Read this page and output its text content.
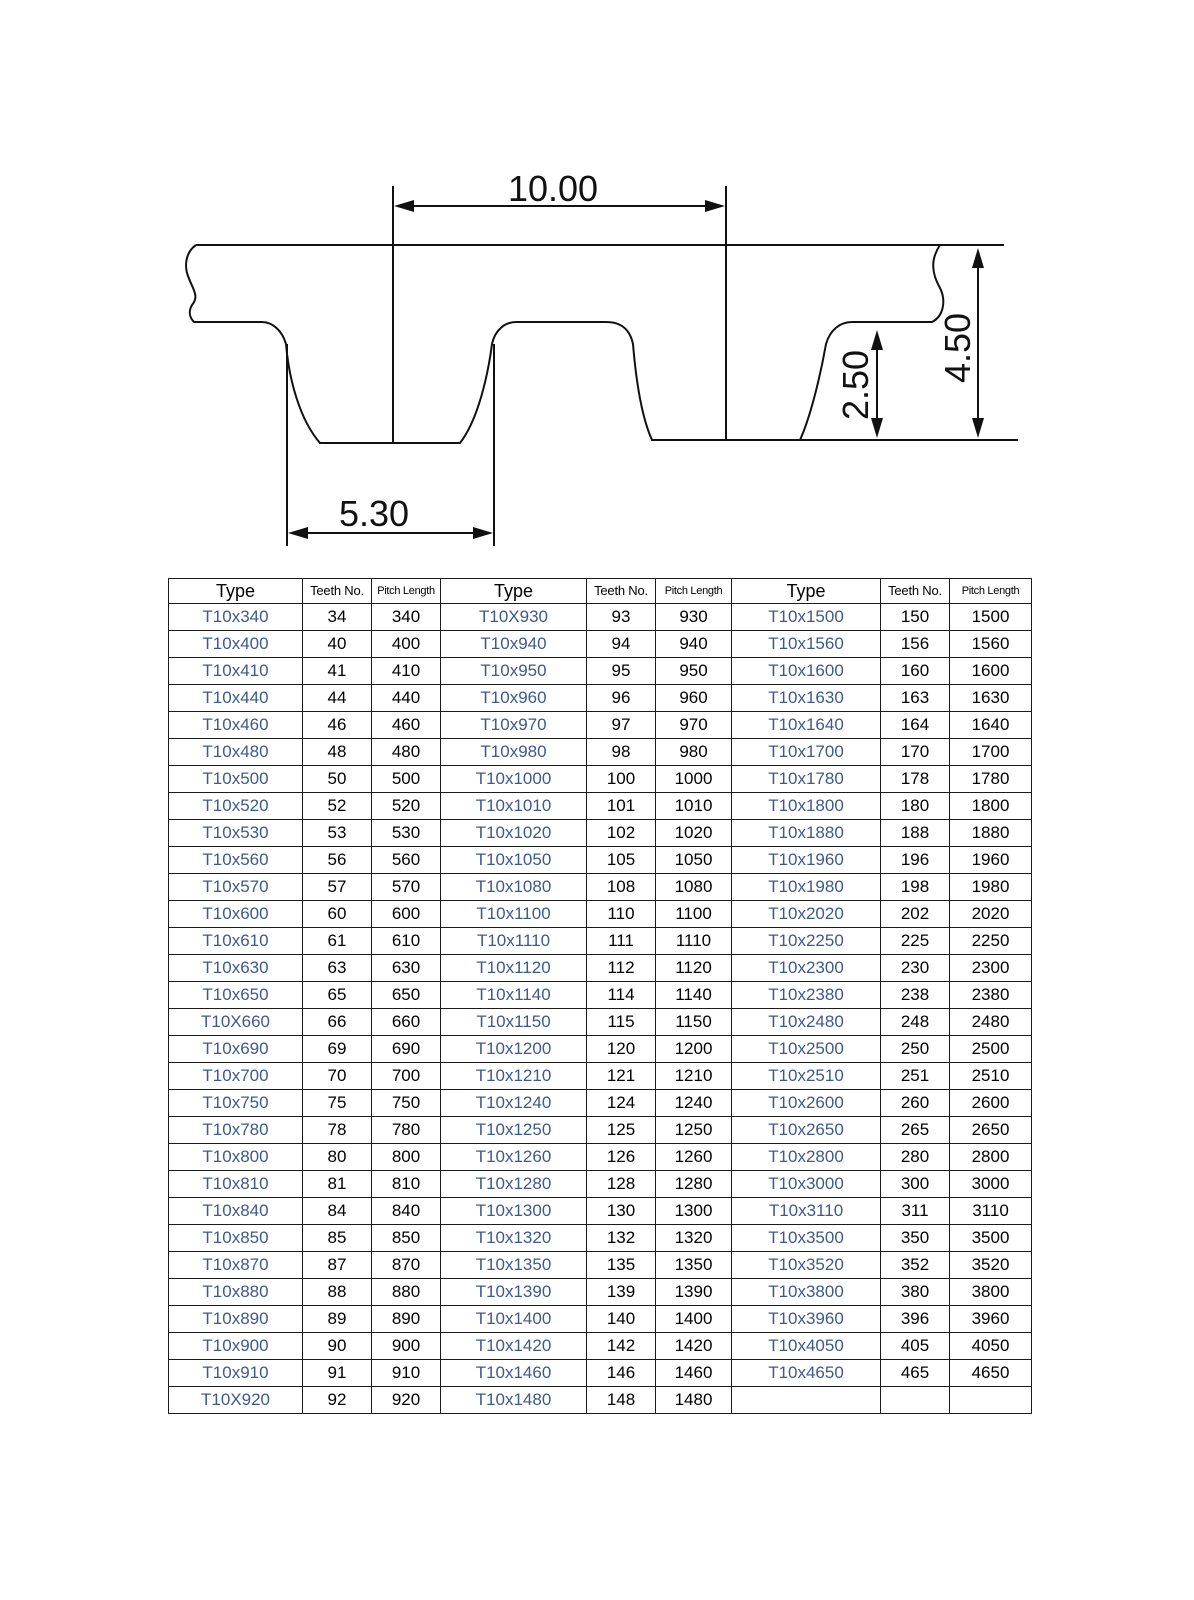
10.00
5.30
2.50
4.50
Type	Teeth No.	Pitch Length	Type	Teeth No.	Pitch Length	Type	Teeth No.	Pitch Length
T10x340	34	340	T10X930	93	930	T10x1500	150	1500
T10x400	40	400	T10x940	94	940	T10x1560	156	1560
T10x410	41	410	T10x950	95	950	T10x1600	160	1600
T10x440	44	440	T10x960	96	960	T10x1630	163	1630
T10x460	46	460	T10x970	97	970	T10x1640	164	1640
T10x480	48	480	T10x980	98	980	T10x1700	170	1700
T10x500	50	500	T10x1000	100	1000	T10x1780	178	1780
T10x520	52	520	T10x1010	101	1010	T10x1800	180	1800
T10x530	53	530	T10x1020	102	1020	T10x1880	188	1880
T10x560	56	560	T10x1050	105	1050	T10x1960	196	1960
T10x570	57	570	T10x1080	108	1080	T10x1980	198	1980
T10x600	60	600	T10x1100	110	1100	T10x2020	202	2020
T10x610	61	610	T10x1110	111	1110	T10x2250	225	2250
T10x630	63	630	T10x1120	112	1120	T10x2300	230	2300
T10x650	65	650	T10x1140	114	1140	T10x2380	238	2380
T10X660	66	660	T10x1150	115	1150	T10x2480	248	2480
T10x690	69	690	T10x1200	120	1200	T10x2500	250	2500
T10x700	70	700	T10x1210	121	1210	T10x2510	251	2510
T10x750	75	750	T10x1240	124	1240	T10x2600	260	2600
T10x780	78	780	T10x1250	125	1250	T10x2650	265	2650
T10x800	80	800	T10x1260	126	1260	T10x2800	280	2800
T10x810	81	810	T10x1280	128	1280	T10x3000	300	3000
T10x840	84	840	T10x1300	130	1300	T10x3110	311	3110
T10x850	85	850	T10x1320	132	1320	T10x3500	350	3500
T10x870	87	870	T10x1350	135	1350	T10x3520	352	3520
T10x880	88	880	T10x1390	139	1390	T10x3800	380	3800
T10x890	89	890	T10x1400	140	1400	T10x3960	396	3960
T10x900	90	900	T10x1420	142	1420	T10x4050	405	4050
T10x910	91	910	T10x1460	146	1460	T10x4650	465	4650
T10X920	92	920	T10x1480	148	1480			
